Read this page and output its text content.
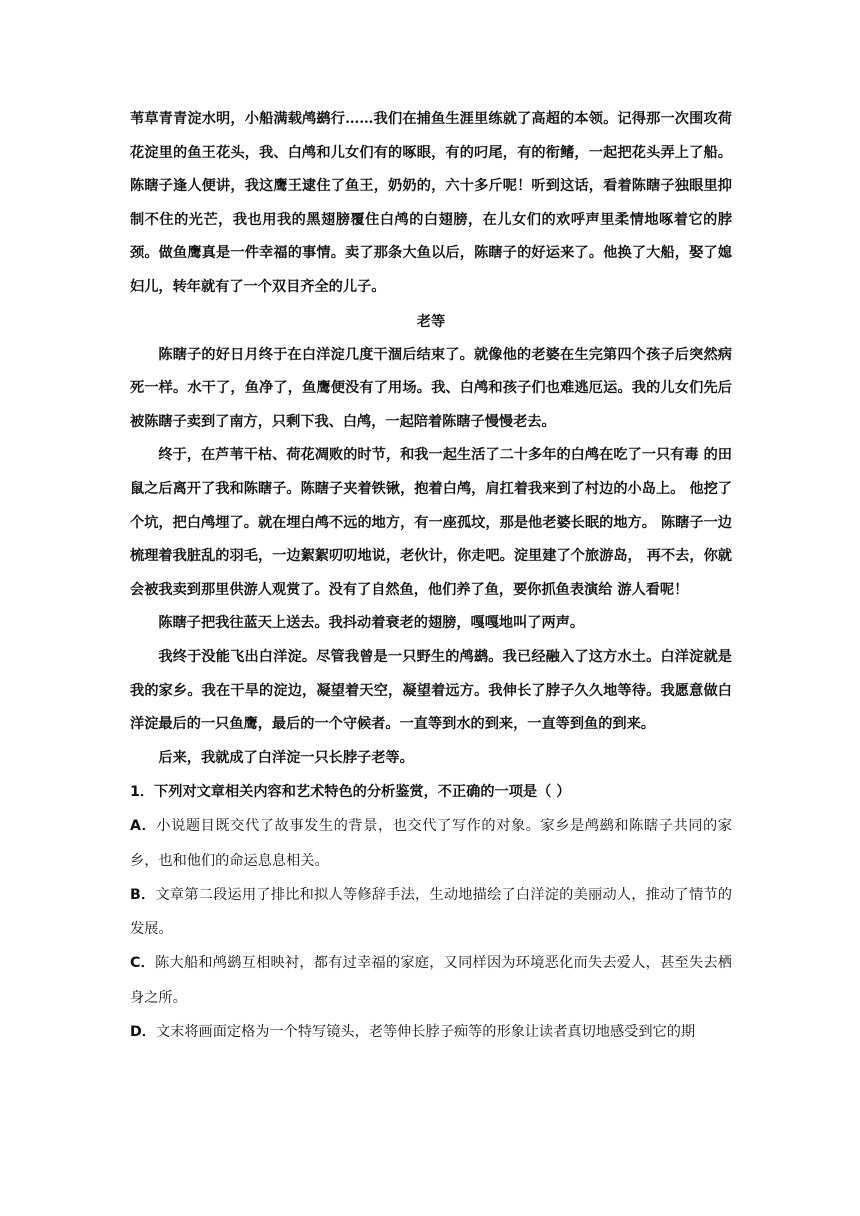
苇草青青淀水明，小船满载鸬鹚行……我们在捕鱼生涯里练就了高超的本领。记得那一次围攻荷花淀里的鱼王花头，我、白鸬和儿女们有的啄眼，有的叼尾，有的衔鳍，一起把花头弄上了船。陈瞎子逢人便讲，我这鹰王逮住了鱼王，奶奶的，六十多斤呢！听到这话，看着陈瞎子独眼里抑制不住的光芒，我也用我的黑翅膀覆住白鸬的白翅膀，在儿女们的欢呼声里柔情地啄着它的脖颈。做鱼鹰真是一件幸福的事情。卖了那条大鱼以后，陈瞎子的好运来了。他换了大船，娶了媳妇儿，转年就有了一个双目齐全的儿子。

老等

陈瞎子的好日月终于在白洋淀几度干涸后结束了。就像他的老婆在生完第四个孩子后突然病死一样。水干了，鱼净了，鱼鹰便没有了用场。我、白鸬和孩子们也难逃厄运。我的儿女们先后被陈瞎子卖到了南方，只剩下我、白鸬，一起陪着陈瞎子慢慢老去。

终于，在芦苇干枯、荷花凋败的时节，和我一起生活了二十多年的白鸬在吃了一只有毒 的田鼠之后离开了我和陈瞎子。陈瞎子夹着铁锹，抱着白鸬，肩扛着我来到了村边的小岛上。 他挖了个坑，把白鸬埋了。就在埋白鸬不远的地方，有一座孤坟，那是他老婆长眠的地方。 陈瞎子一边梳理着我脏乱的羽毛，一边絮絮叨叨地说，老伙计，你走吧。淀里建了个旅游岛， 再不去，你就会被我卖到那里供游人观赏了。没有了自然鱼，他们养了鱼，要你抓鱼表演给 游人看呢！

陈瞎子把我往蓝天上送去。我抖动着衰老的翅膀，嘎嘎地叫了两声。

我终于没能飞出白洋淀。尽管我曾是一只野生的鸬鹚。我已经融入了这方水土。白洋淀就是我的家乡。我在干旱的淀边，凝望着天空，凝望着远方。我伸长了脖子久久地等待。我愿意做白洋淀最后的一只鱼鹰，最后的一个守候者。一直等到水的到来，一直等到鱼的到来。

后来，我就成了白洋淀一只长脖子老等。

1．下列对文章相关内容和艺术特色的分析鉴赏，不正确的一项是（ ）

A．小说题目既交代了故事发生的背景，也交代了写作的对象。家乡是鸬鹚和陈瞎子共同的家乡，也和他们的命运息息相关。

B．文章第二段运用了排比和拟人等修辞手法，生动地描绘了白洋淀的美丽动人，推动了情节的发展。

C．陈大船和鸬鹚互相映衬，都有过幸福的家庭，又同样因为环境恶化而失去爱人，甚至失去栖身之所。

D．文末将画面定格为一个特写镜头，老等伸长脖子痴等的形象让读者真切地感受到它的期
